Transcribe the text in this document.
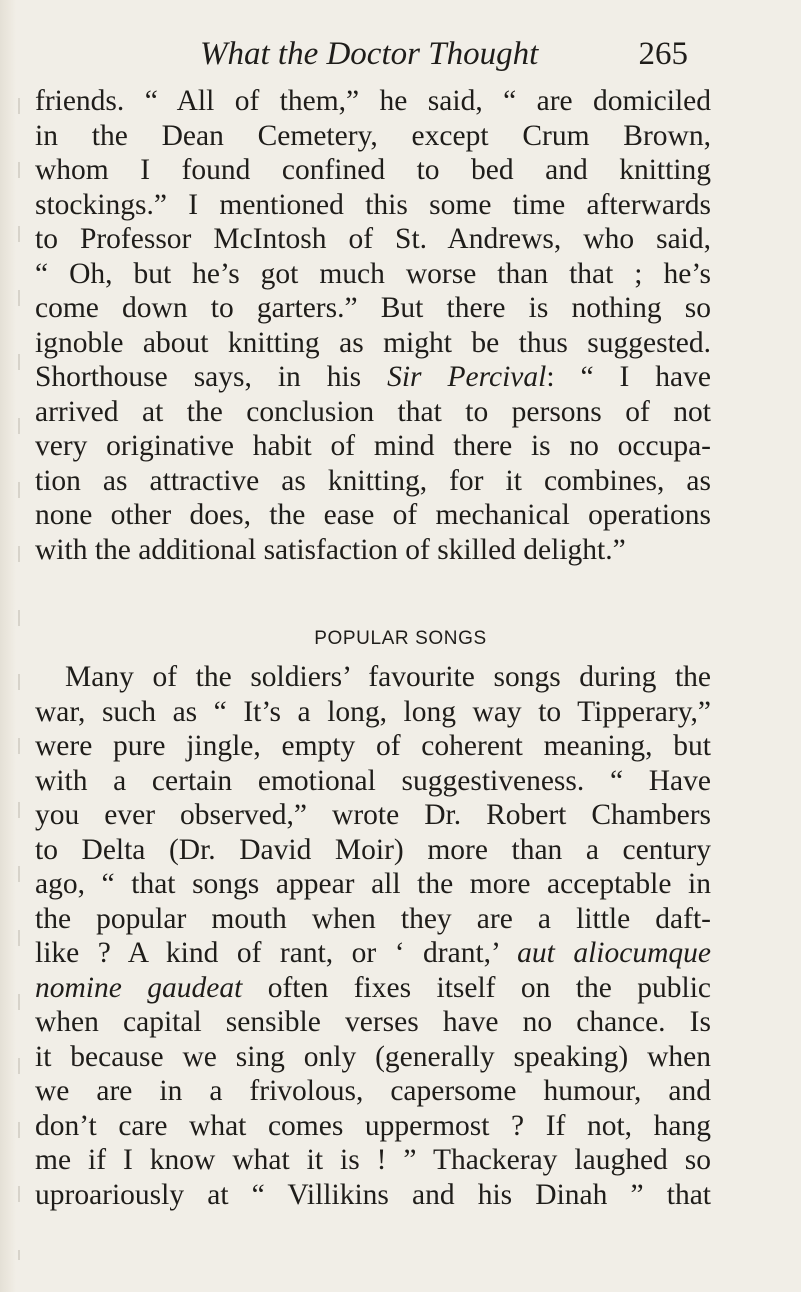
What the Doctor Thought	265
friends. “ All of them,” he said, “ are domiciled
in the Dean Cemetery, except Crum Brown,
whom I found confined to bed and knitting
stockings.” I mentioned this some time afterwards
to Professor McIntosh of St. Andrews, who said,
“ Oh, but he’s got much worse than that ; he’s
come down to garters.” But there is nothing so
ignoble about knitting as might be thus suggested.
Shorthouse says, in his Sir Percival: “ I have
arrived at the conclusion that to persons of not
very originative habit of mind there is no occupa-
tion as attractive as knitting, for it combines, as
none other does, the ease of mechanical operations
with the additional satisfaction of skilled delight.”
POPULAR SONGS
Many of the soldiers’ favourite songs during the
war, such as “ It’s a long, long way to Tipperary,”
were pure jingle, empty of coherent meaning, but
with a certain emotional suggestiveness. “ Have
you ever observed,” wrote Dr. Robert Chambers
to Delta (Dr. David Moir) more than a century
ago, “ that songs appear all the more acceptable in
the popular mouth when they are a little daft-
like ? A kind of rant, or ‘ drant,’ aut aliocumque
nomine gaudeat often fixes itself on the public
when capital sensible verses have no chance. Is
it because we sing only (generally speaking) when
we are in a frivolous, capersome humour, and
don’t care what comes uppermost ? If not, hang
me if I know what it is ! ” Thackeray laughed so
uproariously at “ Villikins and his Dinah ” that
